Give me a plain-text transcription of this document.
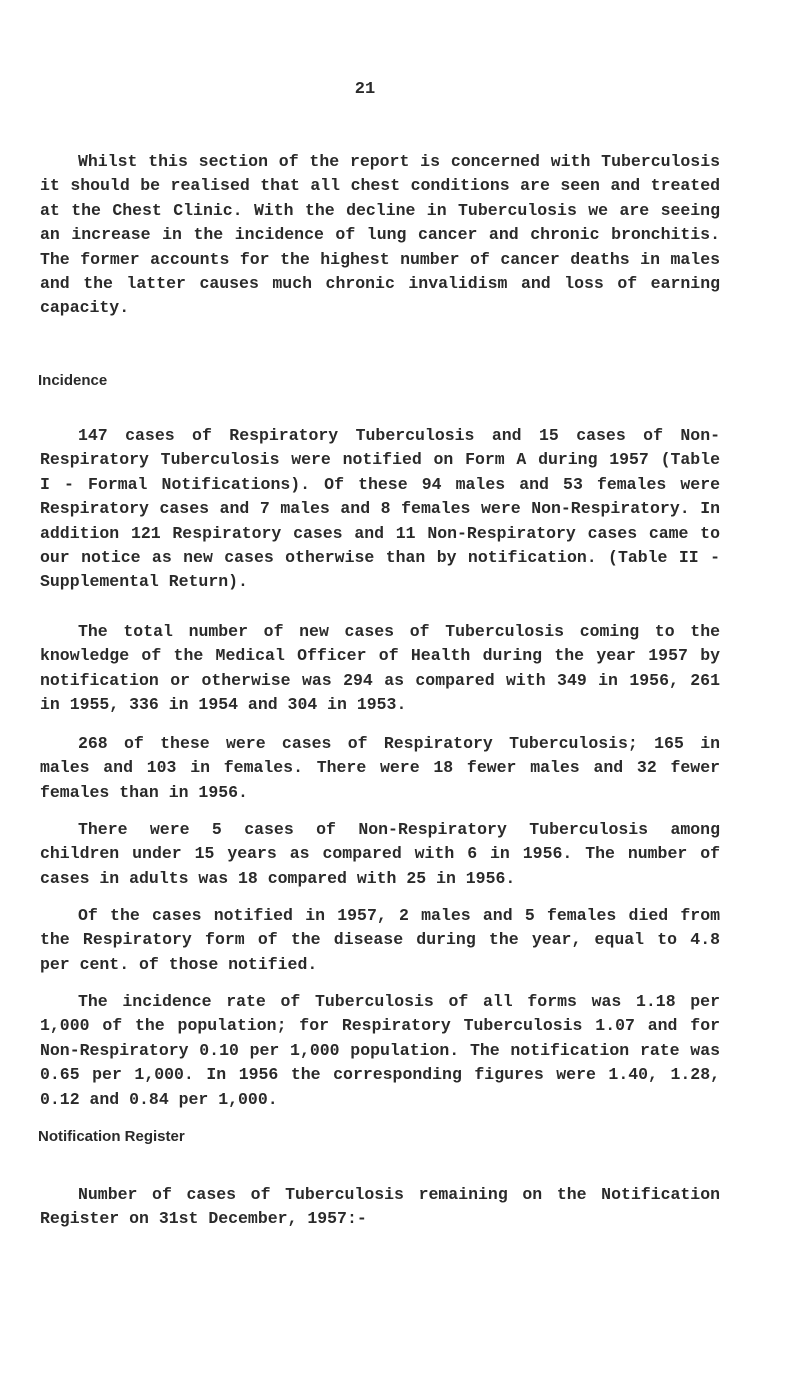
21

Whilst this section of the report is concerned with Tuberculosis it should be realised that all chest conditions are seen and treated at the Chest Clinic. With the decline in Tuberculosis we are seeing an increase in the incidence of lung cancer and chronic bronchitis. The former accounts for the highest number of cancer deaths in males and the latter causes much chronic invalidism and loss of earning capacity.

Incidence

147 cases of Respiratory Tuberculosis and 15 cases of Non-Respiratory Tuberculosis were notified on Form A during 1957 (Table I - Formal Notifications). Of these 94 males and 53 females were Respiratory cases and 7 males and 8 females were Non-Respiratory. In addition 121 Respiratory cases and 11 Non-Respiratory cases came to our notice as new cases otherwise than by notification. (Table II - Supplemental Return).

The total number of new cases of Tuberculosis coming to the knowledge of the Medical Officer of Health during the year 1957 by notification or otherwise was 294 as compared with 349 in 1956, 261 in 1955, 336 in 1954 and 304 in 1953.

268 of these were cases of Respiratory Tuberculosis; 165 in males and 103 in females. There were 18 fewer males and 32 fewer females than in 1956.

There were 5 cases of Non-Respiratory Tuberculosis among children under 15 years as compared with 6 in 1956. The number of cases in adults was 18 compared with 25 in 1956.

Of the cases notified in 1957, 2 males and 5 females died from the Respiratory form of the disease during the year, equal to 4.8 per cent. of those notified.

The incidence rate of Tuberculosis of all forms was 1.18 per 1,000 of the population; for Respiratory Tuberculosis 1.07 and for Non-Respiratory 0.10 per 1,000 population. The notification rate was 0.65 per 1,000. In 1956 the corresponding figures were 1.40, 1.28, 0.12 and 0.84 per 1,000.

Notification Register

Number of cases of Tuberculosis remaining on the Notification Register on 31st December, 1957:-
